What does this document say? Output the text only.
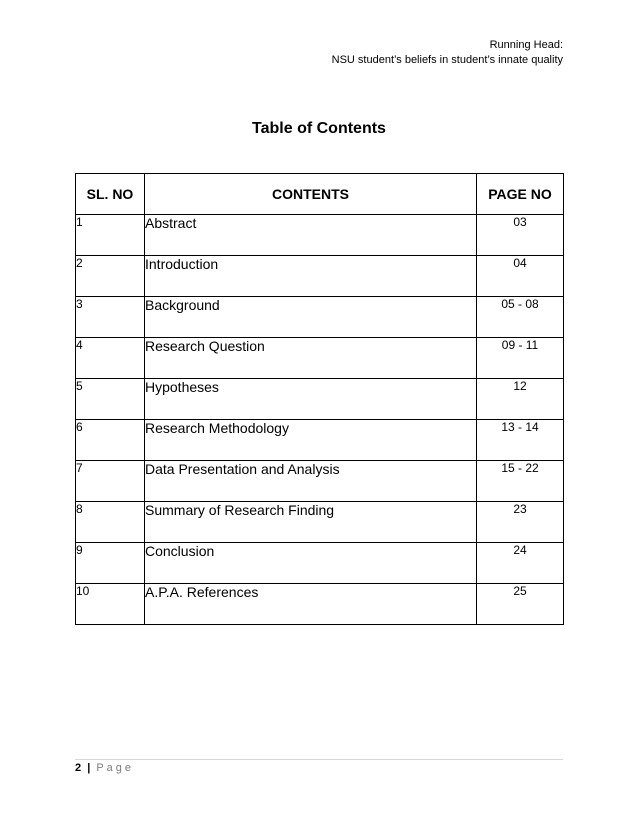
Running Head:
NSU student’s beliefs in student’s innate quality
Table of Contents
SL. NO	CONTENTS	PAGE NO
1	Abstract	03
2	Introduction	04
3	Background	05 - 08
4	Research Question	09 - 11
5	Hypotheses	12
6	Research Methodology	13 - 14
7	Data Presentation and Analysis	15 - 22
8	Summary of Research Finding	23
9	Conclusion	24
10	A.P.A. References	25
2 | Page
